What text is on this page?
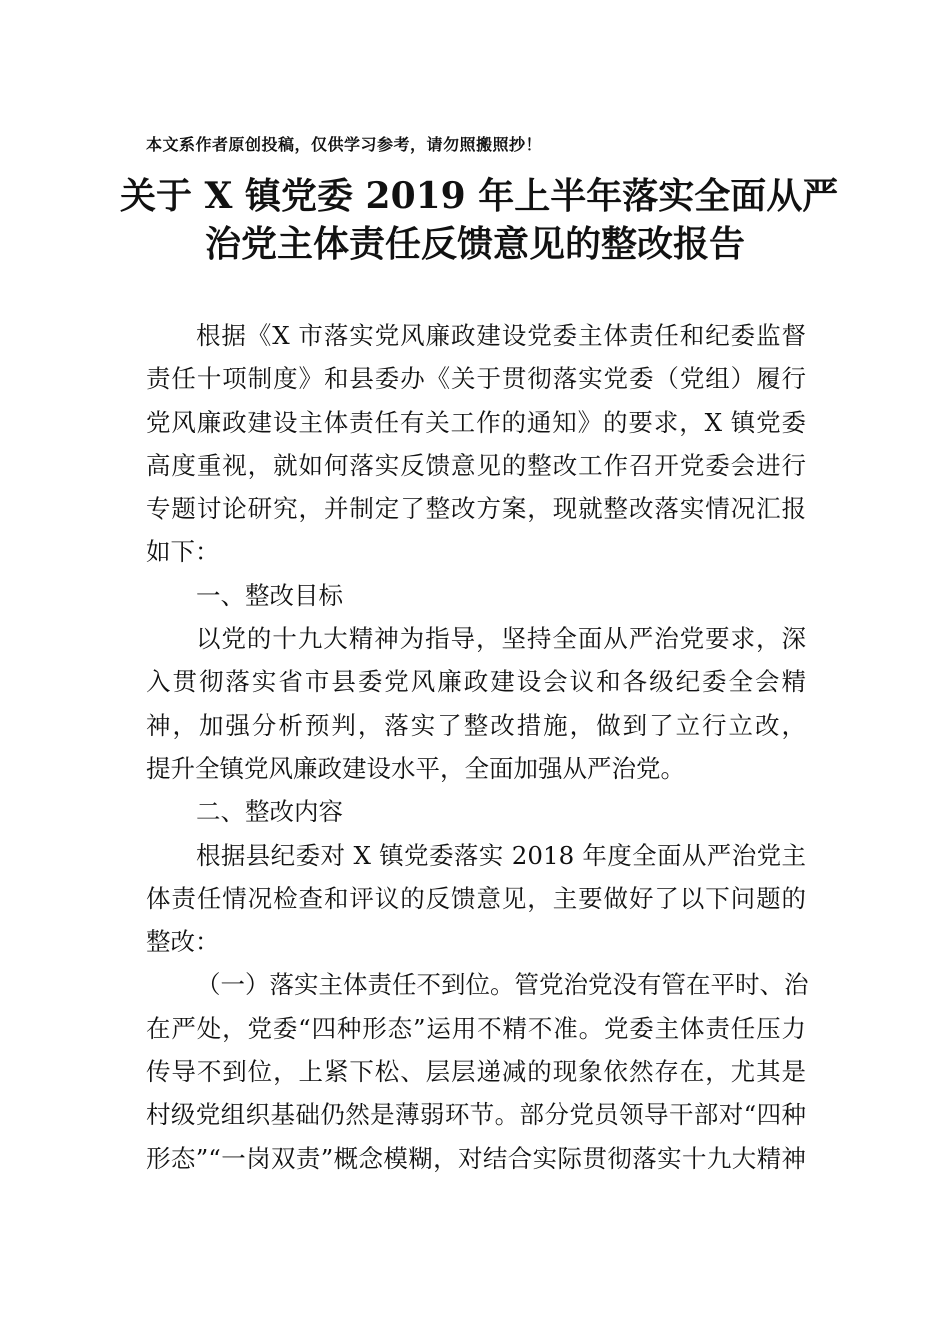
本文系作者原创投稿，仅供学习参考，请勿照搬照抄！
关于 X 镇党委 2019 年上半年落实全面从严
治党主体责任反馈意见的整改报告
根据《X 市落实党风廉政建设党委主体责任和纪委监督
责任十项制度》和县委办《关于贯彻落实党委（党组）履行
党风廉政建设主体责任有关工作的通知》的要求，X 镇党委
高度重视，就如何落实反馈意见的整改工作召开党委会进行
专题讨论研究，并制定了整改方案，现就整改落实情况汇报
如下：
一、整改目标
以党的十九大精神为指导，坚持全面从严治党要求，深
入贯彻落实省市县委党风廉政建设会议和各级纪委全会精
神，加强分析预判，落实了整改措施，做到了立行立改，
提升全镇党风廉政建设水平，全面加强从严治党。
二、整改内容
根据县纪委对 X 镇党委落实 2018 年度全面从严治党主
体责任情况检查和评议的反馈意见，主要做好了以下问题的
整改：
（一）落实主体责任不到位。管党治党没有管在平时、治
在严处，党委“四种形态”运用不精不准。党委主体责任压力
传导不到位，上紧下松、层层递减的现象依然存在，尤其是
村级党组织基础仍然是薄弱环节。部分党员领导干部对“四种
形态”“一岗双责”概念模糊，对结合实际贯彻落实十九大精神
